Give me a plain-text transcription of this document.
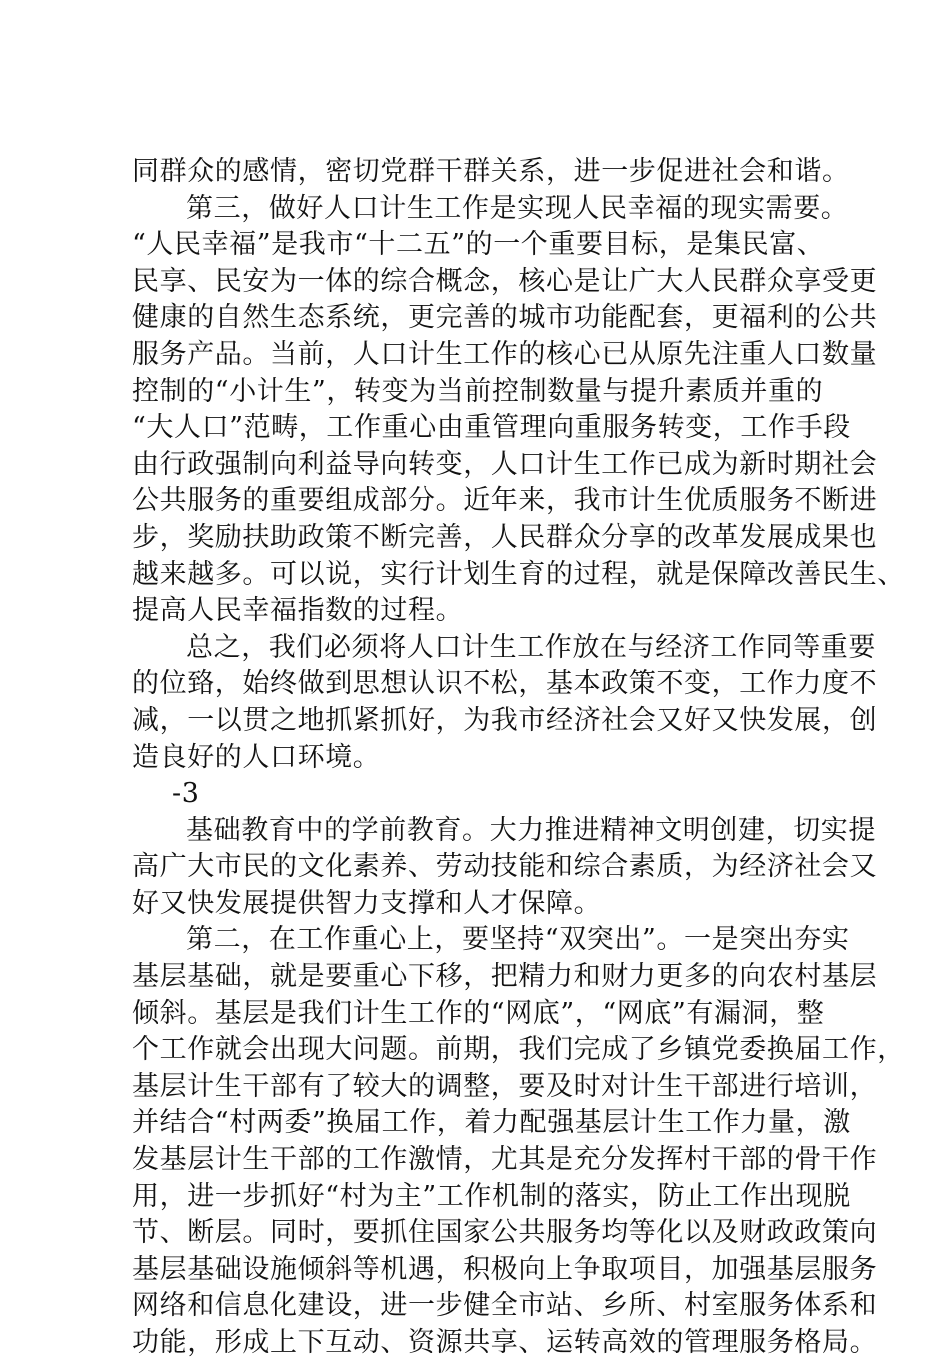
同群众的感情，密切党群干群关系，进一步促进社会和谐。
第三，做好人口计生工作是实现人民幸福的现实需要。
“人民幸福”是我市“十二五”的一个重要目标，是集民富、
民享、民安为一体的综合概念，核心是让广大人民群众享受更
健康的自然生态系统，更完善的城市功能配套，更福利的公共
服务产品。当前，人口计生工作的核心已从原先注重人口数量
控制的“小计生”，转变为当前控制数量与提升素质并重的
“大人口”范畴，工作重心由重管理向重服务转变，工作手段
由行政强制向利益导向转变，人口计生工作已成为新时期社会
公共服务的重要组成部分。近年来，我市计生优质服务不断进
步，奖励扶助政策不断完善，人民群众分享的改革发展成果也
越来越多。可以说，实行计划生育的过程，就是保障改善民生、
提高人民幸福指数的过程。
总之，我们必须将人口计生工作放在与经济工作同等重要
的位臵，始终做到思想认识不松，基本政策不变，工作力度不
减，一以贯之地抓紧抓好，为我市经济社会又好又快发展，创
造良好的人口环境。
-3
基础教育中的学前教育。大力推进精神文明创建，切实提
高广大市民的文化素养、劳动技能和综合素质，为经济社会又
好又快发展提供智力支撑和人才保障。
第二，在工作重心上，要坚持“双突出”。一是突出夯实
基层基础，就是要重心下移，把精力和财力更多的向农村基层
倾斜。基层是我们计生工作的“网底”，“网底”有漏洞，整
个工作就会出现大问题。前期，我们完成了乡镇党委换届工作，
基层计生干部有了较大的调整，要及时对计生干部进行培训，
并结合“村两委”换届工作，着力配强基层计生工作力量，激
发基层计生干部的工作激情，尤其是充分发挥村干部的骨干作
用，进一步抓好“村为主”工作机制的落实，防止工作出现脱
节、断层。同时，要抓住国家公共服务均等化以及财政政策向
基层基础设施倾斜等机遇，积极向上争取项目，加强基层服务
网络和信息化建设，进一步健全市站、乡所、村室服务体系和
功能，形成上下互动、资源共享、运转高效的管理服务格局。
